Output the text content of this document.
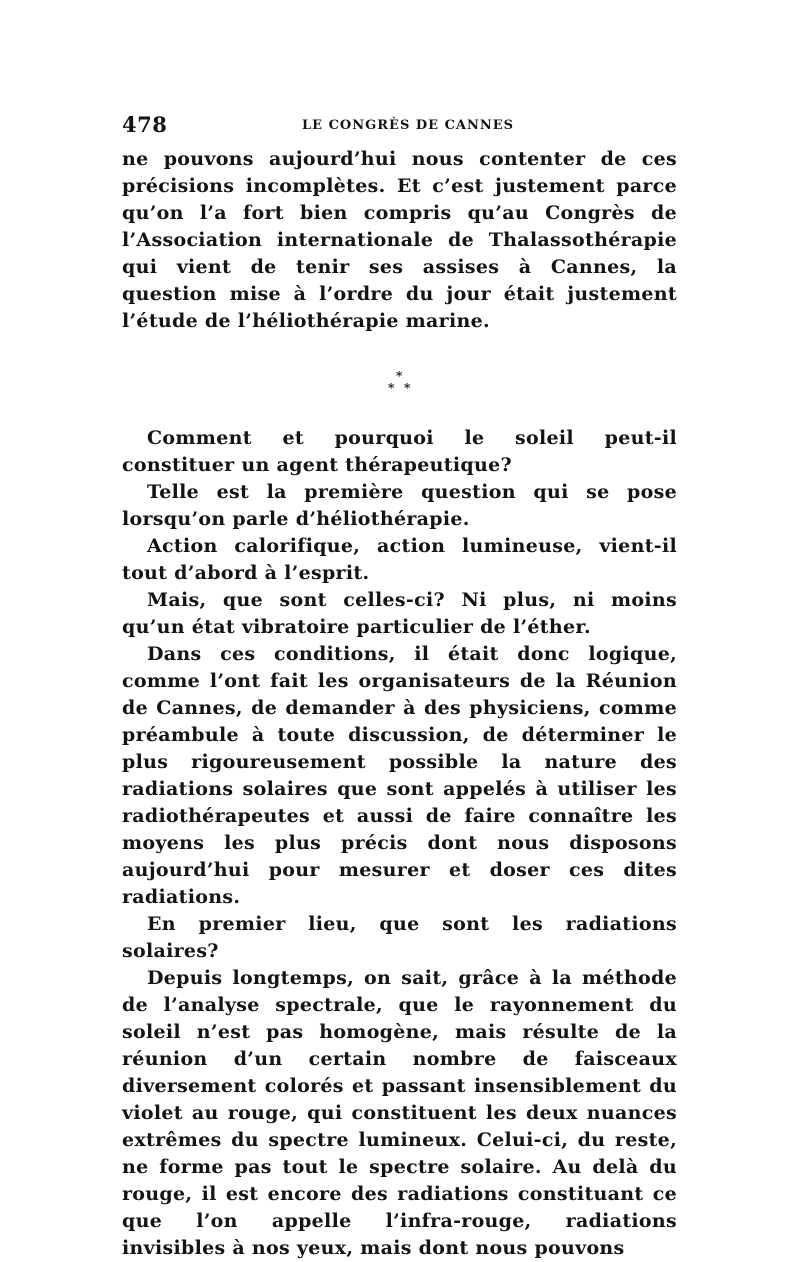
478	LE CONGRÈS DE CANNES

ne pouvons aujourd’hui nous contenter de ces précisions incomplètes. Et c’est justement parce qu’on l’a fort bien compris qu’au Congrès de l’Association internationale de Thalassothérapie qui vient de tenir ses assises à Cannes, la question mise à l’ordre du jour était justement l’étude de l’héliothérapie marine.

*
* *

Comment et pourquoi le soleil peut-il constituer un agent thérapeutique?

Telle est la première question qui se pose lorsqu’on parle d’héliothérapie.

Action calorifique, action lumineuse, vient-il tout d’abord à l’esprit.

Mais, que sont celles-ci? Ni plus, ni moins qu’un état vibratoire particulier de l’éther.

Dans ces conditions, il était donc logique, comme l’ont fait les organisateurs de la Réunion de Cannes, de demander à des physiciens, comme préambule à toute discussion, de déterminer le plus rigoureusement possible la nature des radiations solaires que sont appelés à utiliser les radiothérapeutes et aussi de faire connaître les moyens les plus précis dont nous disposons aujourd’hui pour mesurer et doser ces dites radiations.

En premier lieu, que sont les radiations solaires?

Depuis longtemps, on sait, grâce à la méthode de l’analyse spectrale, que le rayonnement du soleil n’est pas homogène, mais résulte de la réunion d’un certain nombre de faisceaux diversement colorés et passant insensiblement du violet au rouge, qui constituent les deux nuances extrêmes du spectre lumineux. Celui-ci, du reste, ne forme pas tout le spectre solaire. Au delà du rouge, il est encore des radiations constituant ce que l’on appelle l’infra-rouge, radiations invisibles à nos yeux, mais dont nous pouvons
